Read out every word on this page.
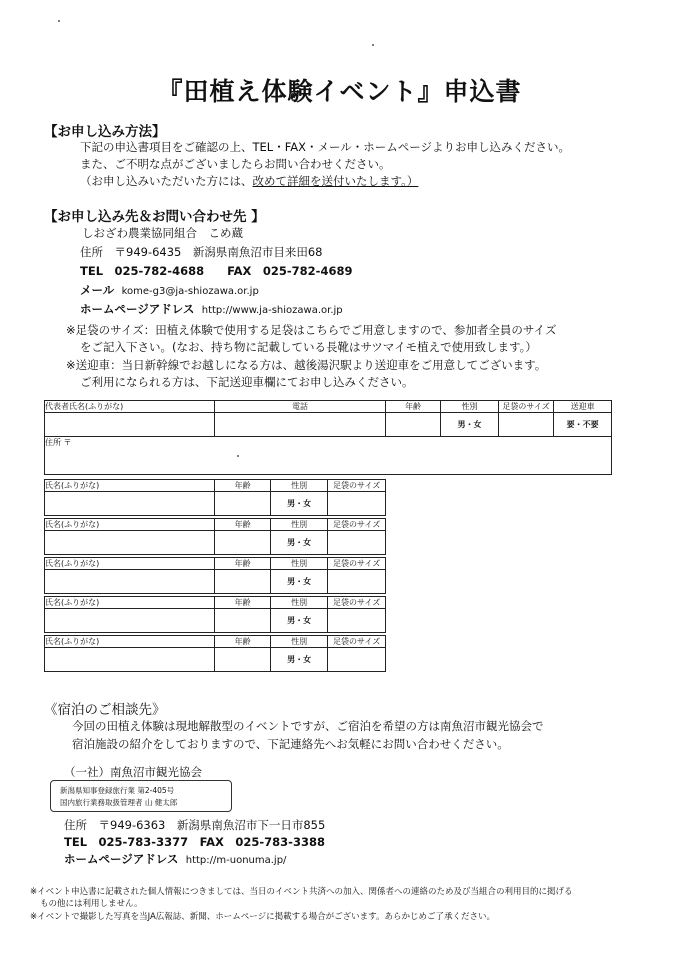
『田植え体験イベント』申込書
【お申し込み方法】
下記の申込書項目をご確認の上、TEL・FAX・メール・ホームページよりお申し込みください。
また、ご不明な点がございましたらお問い合わせください。
（お申し込みいただいた方には、改めて詳細を送付いたします。）
【お申し込み先＆お問い合わせ先 】
しおざわ農業協同組合　こめ蔵
住所　〒949-6435　新潟県南魚沼市目来田68
TEL　025-782-4688　　FAX　025-782-4689
メール kome-g3@ja-shiozawa.or.jp
ホームページアドレス http://www.ja-shiozawa.or.jp
※足袋のサイズ：田植え体験で使用する足袋はこちらでご用意しますので、参加者全員のサイズ
をご記入下さい。(なお、持ち物に記載している長靴はサツマイモ植えで使用致します。）
※送迎車：当日新幹線でお越しになる方は、越後湯沢駅より送迎車をご用意してございます。
ご利用になられる方は、下記送迎車欄にてお申し込みください。
代表者氏名(ふりがな)	電話	年齢	性別	足袋のサイズ	送迎車
			男・女		要・不要
住所 〒					
氏名(ふりがな)	年齢	性別	足袋のサイズ
		男・女	
氏名(ふりがな)	年齢	性別	足袋のサイズ
		男・女	
氏名(ふりがな)	年齢	性別	足袋のサイズ
		男・女	
氏名(ふりがな)	年齢	性別	足袋のサイズ
		男・女	
氏名(ふりがな)	年齢	性別	足袋のサイズ
		男・女	
《宿泊のご相談先》
今回の田植え体験は現地解散型のイベントですが、ご宿泊を希望の方は南魚沼市観光協会で
宿泊施設の紹介をしておりますので、下記連絡先へお気軽にお問い合わせください。
（一社）南魚沼市観光協会
新潟県知事登録旅行業 第2-405号
国内旅行業務取扱管理者 山 健太郎
住所　〒949-6363　新潟県南魚沼市下一日市855
TEL　025-783-3377　FAX　025-783-3388
ホームページアドレス http://m-uonuma.jp/
※イベント申込書に記載された個人情報につきましては、当日のイベント共済への加入、関係者への連絡のため及び当組合の利用目的に掲げる
もの他には利用しません。
※イベントで撮影した写真を当JA広報誌、新聞、ホームページに掲載する場合がございます。あらかじめご了承ください。
